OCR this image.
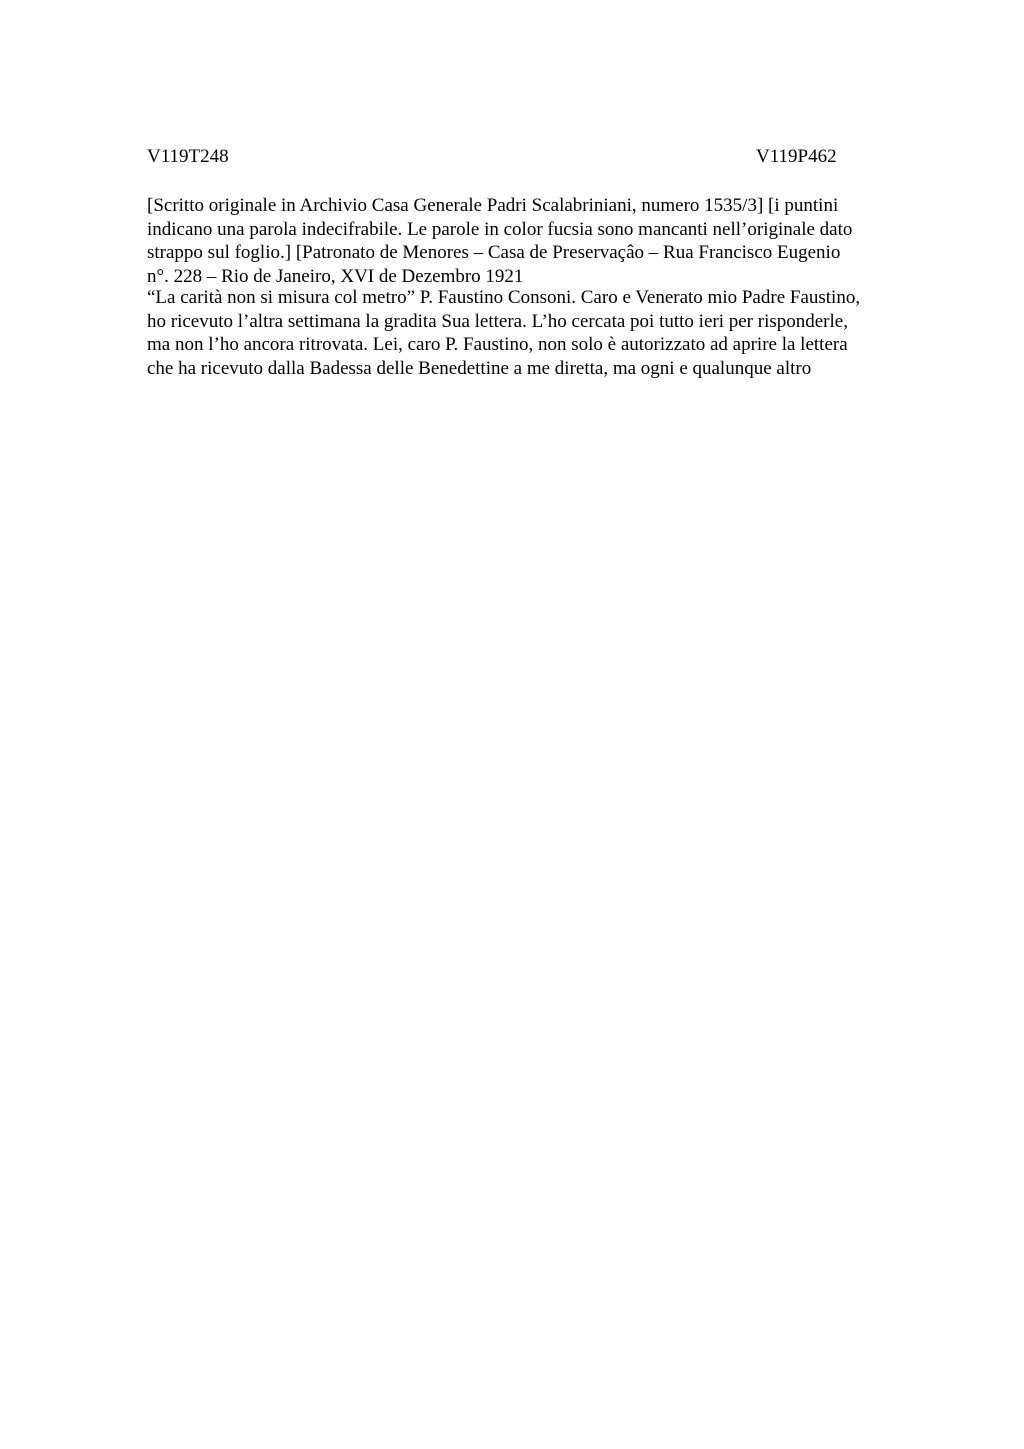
V119T248	V119P462
[Scritto originale in Archivio Casa Generale Padri Scalabriniani, numero 1535/3] [i puntini
indicano una parola indecifrabile. Le parole in color fucsia sono mancanti nell’originale dato
strappo sul foglio.] [Patronato de Menores – Casa de Preservaçâo – Rua Francisco Eugenio
n°. 228 – Rio de Janeiro, XVI de Dezembro 1921
“La carità non si misura col metro” P. Faustino Consoni. Caro e Venerato mio Padre Faustino,
ho ricevuto l’altra settimana la gradita Sua lettera. L’ho cercata poi tutto ieri per risponderle,
ma non l’ho ancora ritrovata. Lei, caro P. Faustino, non solo è autorizzato ad aprire la lettera
che ha ricevuto dalla Badessa delle Benedettine a me diretta, ma ogni e qualunque altro
